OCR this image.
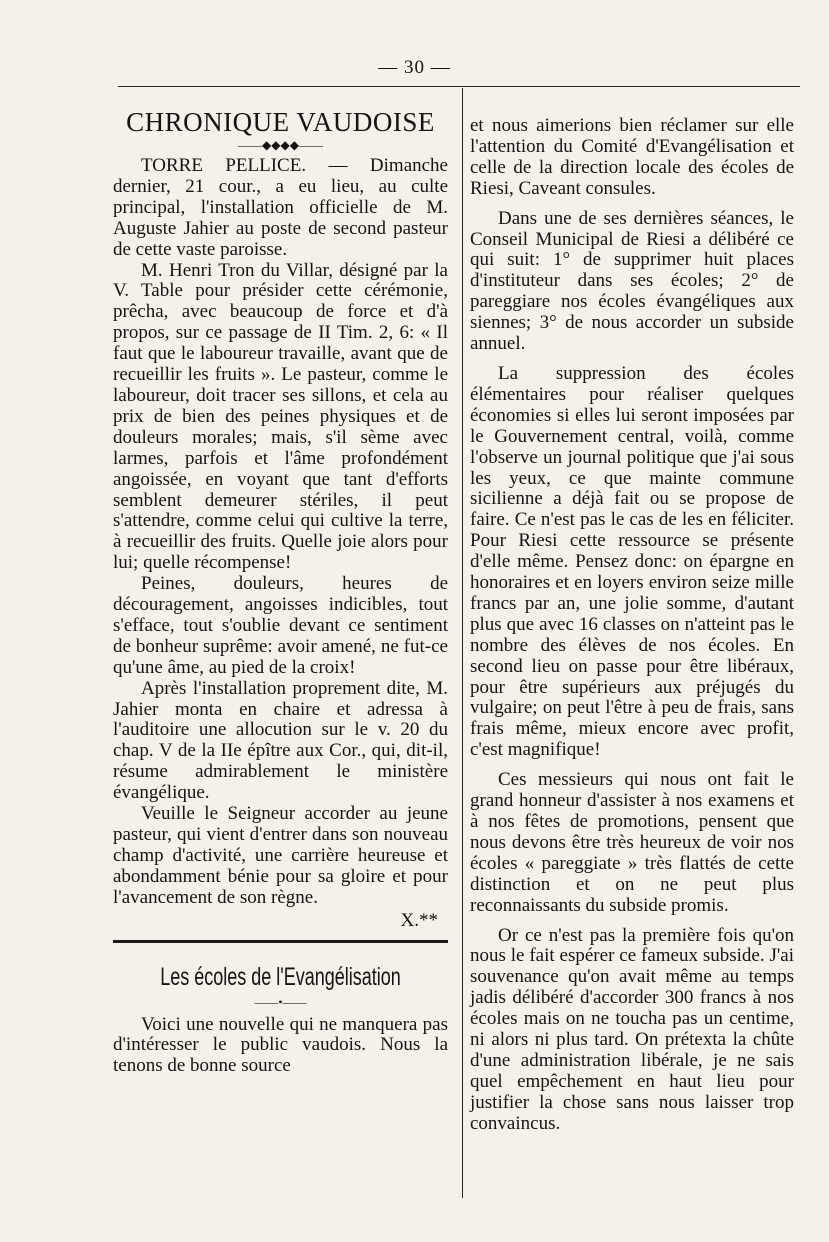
— 30 —
CHRONIQUE VAUDOISE
——◆◆◆◆——

TORRE PELLICE. — Dimanche dernier, 21 cour., a eu lieu, au culte principal, l'installation officielle de M. Auguste Jahier au poste de second pasteur de cette vaste paroisse.

M. Henri Tron du Villar, désigné par la V. Table pour présider cette cérémonie, prêcha, avec beaucoup de force et d'à propos, sur ce passage de II Tim. 2, 6: « Il faut que le laboureur travaille, avant que de recueillir les fruits ». Le pasteur, comme le laboureur, doit tracer ses sillons, et cela au prix de bien des peines physiques et de douleurs morales; mais, s'il sème avec larmes, parfois et l'âme profondément angoissée, en voyant que tant d'efforts semblent demeurer stériles, il peut s'attendre, comme celui qui cultive la terre, à recueillir des fruits. Quelle joie alors pour lui; quelle récompense!

Peines, douleurs, heures de découragement, angoisses indicibles, tout s'efface, tout s'oublie devant ce sentiment de bonheur suprême: avoir amené, ne fut-ce qu'une âme, au pied de la croix!

Après l'installation proprement dite, M. Jahier monta en chaire et adressa à l'auditoire une allocution sur le v. 20 du chap. V de la IIe épître aux Cor., qui, dit-il, résume admirablement le ministère évangélique.

Veuille le Seigneur accorder au jeune pasteur, qui vient d'entrer dans son nouveau champ d'activité, une carrière heureuse et abondamment bénie pour sa gloire et pour l'avancement de son règne.

X.**
Les écoles de l'Evangélisation
——•——

Voici une nouvelle qui ne manquera pas d'intéresser le public vaudois. Nous la tenons de bonne source

et nous aimerions bien réclamer sur elle l'attention du Comité d'Evangélisation et celle de la direction locale des écoles de Riesi, Caveant consules.

Dans une de ses dernières séances, le Conseil Municipal de Riesi a délibéré ce qui suit: 1° de supprimer huit places d'instituteur dans ses écoles; 2° de pareggiare nos écoles évangéliques aux siennes; 3° de nous accorder un subside annuel.

La suppression des écoles élémentaires pour réaliser quelques économies si elles lui seront imposées par le Gouvernement central, voilà, comme l'observe un journal politique que j'ai sous les yeux, ce que mainte commune sicilienne a déjà fait ou se propose de faire. Ce n'est pas le cas de les en féliciter. Pour Riesi cette ressource se présente d'elle même. Pensez donc: on épargne en honoraires et en loyers environ seize mille francs par an, une jolie somme, d'autant plus que avec 16 classes on n'atteint pas le nombre des élèves de nos écoles. En second lieu on passe pour être libéraux, pour être supérieurs aux préjugés du vulgaire; on peut l'être à peu de frais, sans frais même, mieux encore avec profit, c'est magnifique!

Ces messieurs qui nous ont fait le grand honneur d'assister à nos examens et à nos fêtes de promotions, pensent que nous devons être très heureux de voir nos écoles « pareggiate » très flattés de cette distinction et on ne peut plus reconnaissants du subside promis.

Or ce n'est pas la première fois qu'on nous le fait espérer ce fameux subside. J'ai souvenance qu'on avait même au temps jadis délibéré d'accorder 300 francs à nos écoles mais on ne toucha pas un centime, ni alors ni plus tard. On prétexta la chûte d'une administration libérale, je ne sais quel empêchement en haut lieu pour justifier la chose sans nous laisser trop convaincus.
